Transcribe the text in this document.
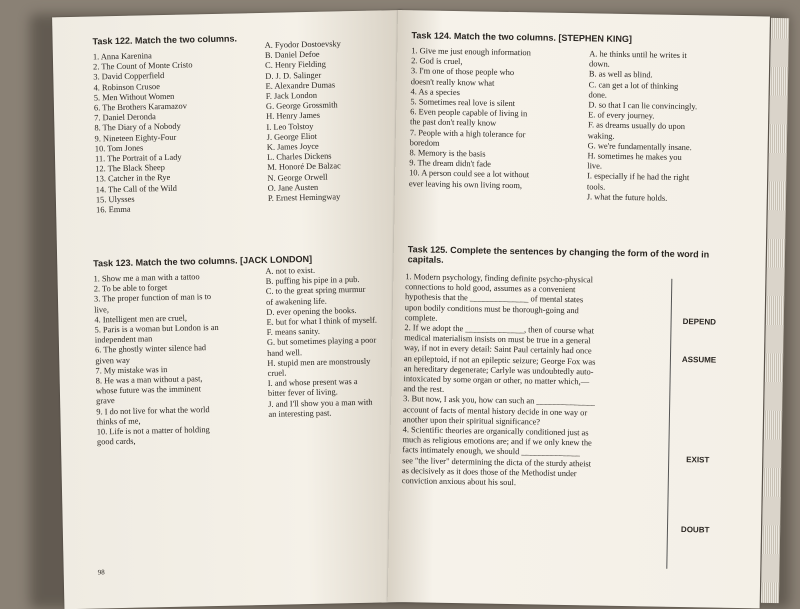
Task 122. Match the two columns.
1. Anna Karenina
2. The Count of Monte Cristo
3. David Copperfield
4. Robinson Crusoe
5. Men Without Women
6. The Brothers Karamazov
7. Daniel Deronda
8. The Diary of a Nobody
9. Nineteen Eighty-Four
10. Tom Jones
11. The Portrait of a Lady
12. The Black Sheep
13. Catcher in the Rye
14. The Call of the Wild
15. Ulysses
16. Emma
A. Fyodor Dostoevsky
B. Daniel Defoe
C. Henry Fielding
D. J. D. Salinger
E. Alexandre Dumas
F. Jack London
G. George Grossmith
H. Henry James
I. Leo Tolstoy
J. George Eliot
K. James Joyce
L. Charles Dickens
M. Honoré De Balzac
N. George Orwell
O. Jane Austen
P. Ernest Hemingway
Task 123. Match the two columns. [JACK LONDON]
1. Show me a man with a tattoo
2. To be able to forget
3. The proper function of man is to
live,
4. Intelligent men are cruel,
5. Paris is a woman but London is an
independent man
6. The ghostly winter silence had
given way
7. My mistake was in
8. He was a man without a past,
whose future was the imminent
grave
9. I do not live for what the world
thinks of me,
10. Life is not a matter of holding
good cards,
A. not to exist.
B. puffing his pipe in a pub.
C. to the great spring murmur
of awakening life.
D. ever opening the books.
E. but for what I think of myself.
F. means sanity.
G. but sometimes playing a poor
hand well.
H. stupid men are monstrously
cruel.
I. and whose present was a
bitter fever of living.
J. and I'll show you a man with
an interesting past.
98
Task 124. Match the two columns. [STEPHEN KING]
1. Give me just enough information
2. God is cruel,
3. I'm one of those people who
doesn't really know what
4. As a species
5. Sometimes real love is silent
6. Even people capable of living in
the past don't really know
7. People with a high tolerance for
boredom
8. Memory is the basis
9. The dream didn't fade
10. A person could see a lot without
ever leaving his own living room,
A. he thinks until he writes it
down.
B. as well as blind.
C. can get a lot of thinking
done.
D. so that I can lie convincingly.
E. of every journey.
F. as dreams usually do upon
waking.
G. we're fundamentally insane.
H. sometimes he makes you
live.
I. especially if he had the right
tools.
J. what the future holds.
Task 125. Complete the sentences by changing the form of the word in capitals.
1. Modern psychology, finding definite psycho-physical
connections to hold good, assumes as a convenient
hypothesis that the ______________ of mental states
upon bodily conditions must be thorough-going and
complete.
2. If we adopt the ______________, then of course what
medical materialism insists on must be true in a general
way, if not in every detail: Saint Paul certainly had once
an epileptoid, if not an epileptic seizure; George Fox was
an hereditary degenerate; Carlyle was undoubtedly auto-
intoxicated by some organ or other, no matter which,—
and the rest.
3. But now, I ask you, how can such an ______________
account of facts of mental history decide in one way or
another upon their spiritual significance?
4. Scientific theories are organically conditioned just as
much as religious emotions are; and if we only knew the
facts intimately enough, we should ______________
see "the liver" determining the dicta of the sturdy atheist
as decisively as it does those of the Methodist under
conviction anxious about his soul.
DEPEND
ASSUME
EXIST
DOUBT
